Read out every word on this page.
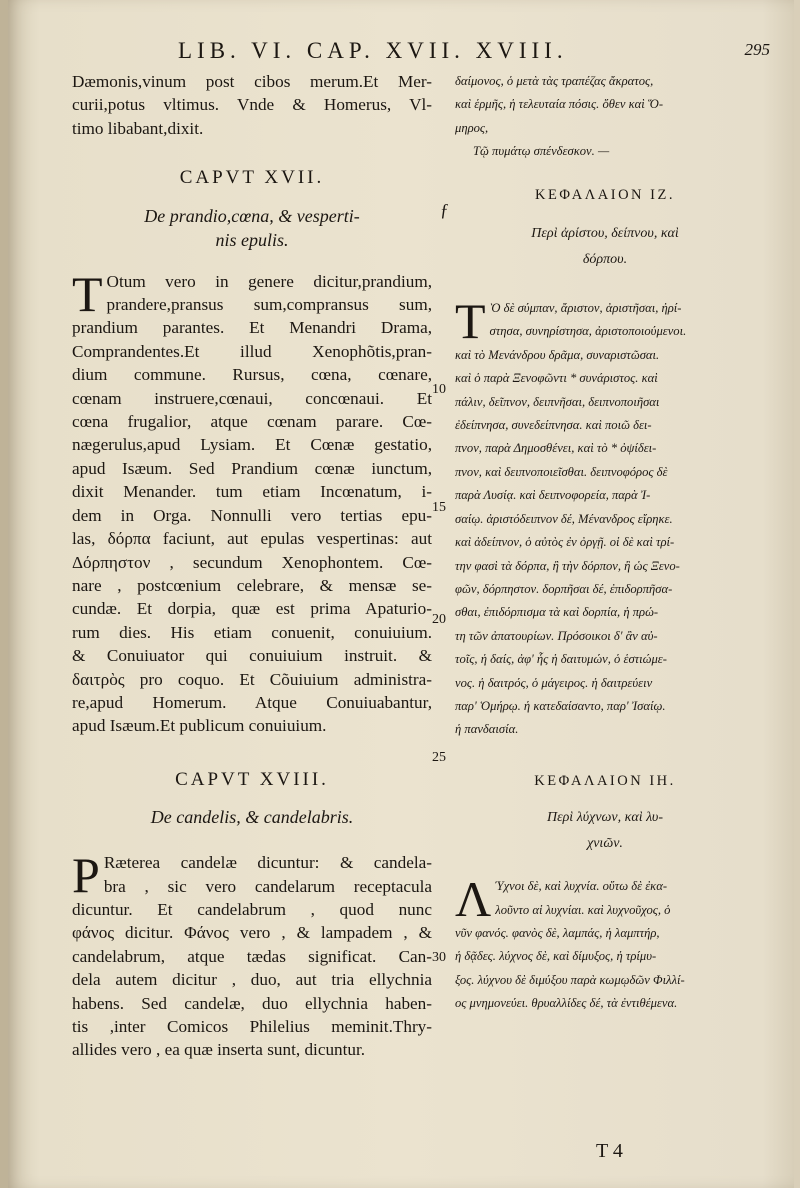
LIB. VI. CAP. XVII. XVIII.	295
Dæmonis,vinum post cibos merum.Et Mer-
curii,potus vltimus. Vnde & Homerus, Vl-
timo libabant,dixit.
CAPVT XVII.
De prandio,cœna, & vesperti-
nis epulis.
T Otum vero in genere dicitur,prandium,
prandere,pransus sum,compransus sum,
prandium parantes. Et Menandri Drama,
Comprandentes.Et illud Xenophõtis,pran-
dium commune. Rursus, cœna, cœnare,
cœnam instruere,cœnaui, concœnaui. Et
cœna frugalior, atque cœnam parare. Cœ-
nægerulus,apud Lysiam. Et Cœnæ gestatio,
apud Isæum. Sed Prandium cœnæ iunctum,
dixit Menander. tum etiam Incœnatum, i-
dem in Orga. Nonnulli vero tertias epu-
las, δόρπα faciunt, aut epulas vespertinas: aut
Δόρπηστον , secundum Xenophontem. Cœ-
nare , postcœnium celebrare, & mensæ se-
cundæ. Et dorpia, quæ est prima Apaturio-
rum dies. His etiam conuenit, conuiuium.
& Conuiuator qui conuiuium instruit. &
δαιτρὸς pro coquo. Et Cõuiuium administra-
re,apud Homerum. Atque Conuiuabantur,
apud Isæum.Et publicum conuiuium.
CAPVT XVIII.
De candelis, & candelabris.
P Ræterea candelæ dicuntur: & candela-
bra , sic vero candelarum receptacula
dicuntur. Et candelabrum , quod nunc
φάνος dicitur. Φάνος vero , & lampadem , &
candelabrum, atque tædas significat. Can-
dela autem dicitur , duo, aut tria ellychnia
habens. Sed candelæ, duo ellychnia haben-
tis ,inter Comicos Philelius meminit.Thry-
allides vero , ea quæ inserta sunt, dicuntur.
δαίμονος, ὁ μετὰ τὰς τραπέζας ἄκρατος,
καὶ ἑρμῆς, ἡ τελευταία πόσις. ὅθεν καὶ Ὅ-
μηρος,
Τῷ πυμάτῳ σπένδεσκον. —
ΚΕΦΑΛΑΙΟΝ ΙΖ.
Περὶ ἀρίστου, δείπνου, καὶ
δόρπου.
Τ Ὸ δὲ σύμπαν, ἄριστον, ἀριστῆσαι, ἠρί-
στησα, συνηρίστησα, ἀριστοποιούμενοι.
καὶ τὸ Μενάνδρου δρᾶμα, συναριστῶσαι.
καὶ ὁ παρὰ Ξενοφῶντι * συνάριστος. καὶ
πάλιν, δεῖπνον, δειπνῆσαι, δειπνοποιῆσαι
ἐδείπνησα, συνεδείπνησα. καὶ ποιῶ δει-
πνον, παρὰ Δημοσθένει, καὶ τὸ * ὀψίδει-
πνον, καὶ δειπνοποιεῖσθαι. δειπνοφόρος δὲ
παρὰ Λυσίᾳ. καὶ δειπνοφορεία, παρὰ Ἰ-
σαίῳ. ἀριστόδειπνον δέ, Μένανδρος εἴρηκε.
καὶ ἀδείπνον, ὁ αὐτὸς ἐν ὀργῇ. οἱ δὲ καὶ τρί-
την φασὶ τὰ δόρπα, ἢ τὴν δόρπον, ἢ ὡς Ξενο-
φῶν, δόρπηστον. δορπῆσαι δέ, ἐπιδορπῆσα-
σθαι, ἐπιδόρπισμα τὰ καὶ δορπία, ἡ πρώ-
τη τῶν ἀπατουρίων. Πρόσοικοι δ' ἂν αὐ-
τοῖς, ἡ δαίς, ἀφ' ἧς ἡ δαιτυμών, ὁ ἑστιώμε-
νος. ἡ δαιτρός, ὁ μάγειρος. ἡ δαιτρεύειν
παρ' Ὁμήρῳ. ἡ κατεδαίσαντο, παρ' Ἰσαίῳ.
ἡ πανδαισία.
ΚΕΦΑΛΑΙΟΝ ΙΗ.
Περὶ λύχνων, καὶ λυ-
χνιῶν.
Λ Ύχνοι δὲ, καὶ λυχνία. οὕτω δὲ ἐκα-
λοῦντο αἱ λυχνίαι. καὶ λυχνοῦχος, ὁ
νῦν φανός. φανὸς δὲ, λαμπάς, ἡ λαμπτήρ,
ἡ δᾷδες. λύχνος δὲ, καὶ δίμυξος, ἡ τρίμυ-
ξος. λύχνου δὲ διμύξου παρὰ κωμῳδῶν Φιλλί-
ος μνημονεύει. θρυαλλίδες δέ, τὰ ἐντιθέμενα.
10
15
20
25
30
ƒ
T 4
